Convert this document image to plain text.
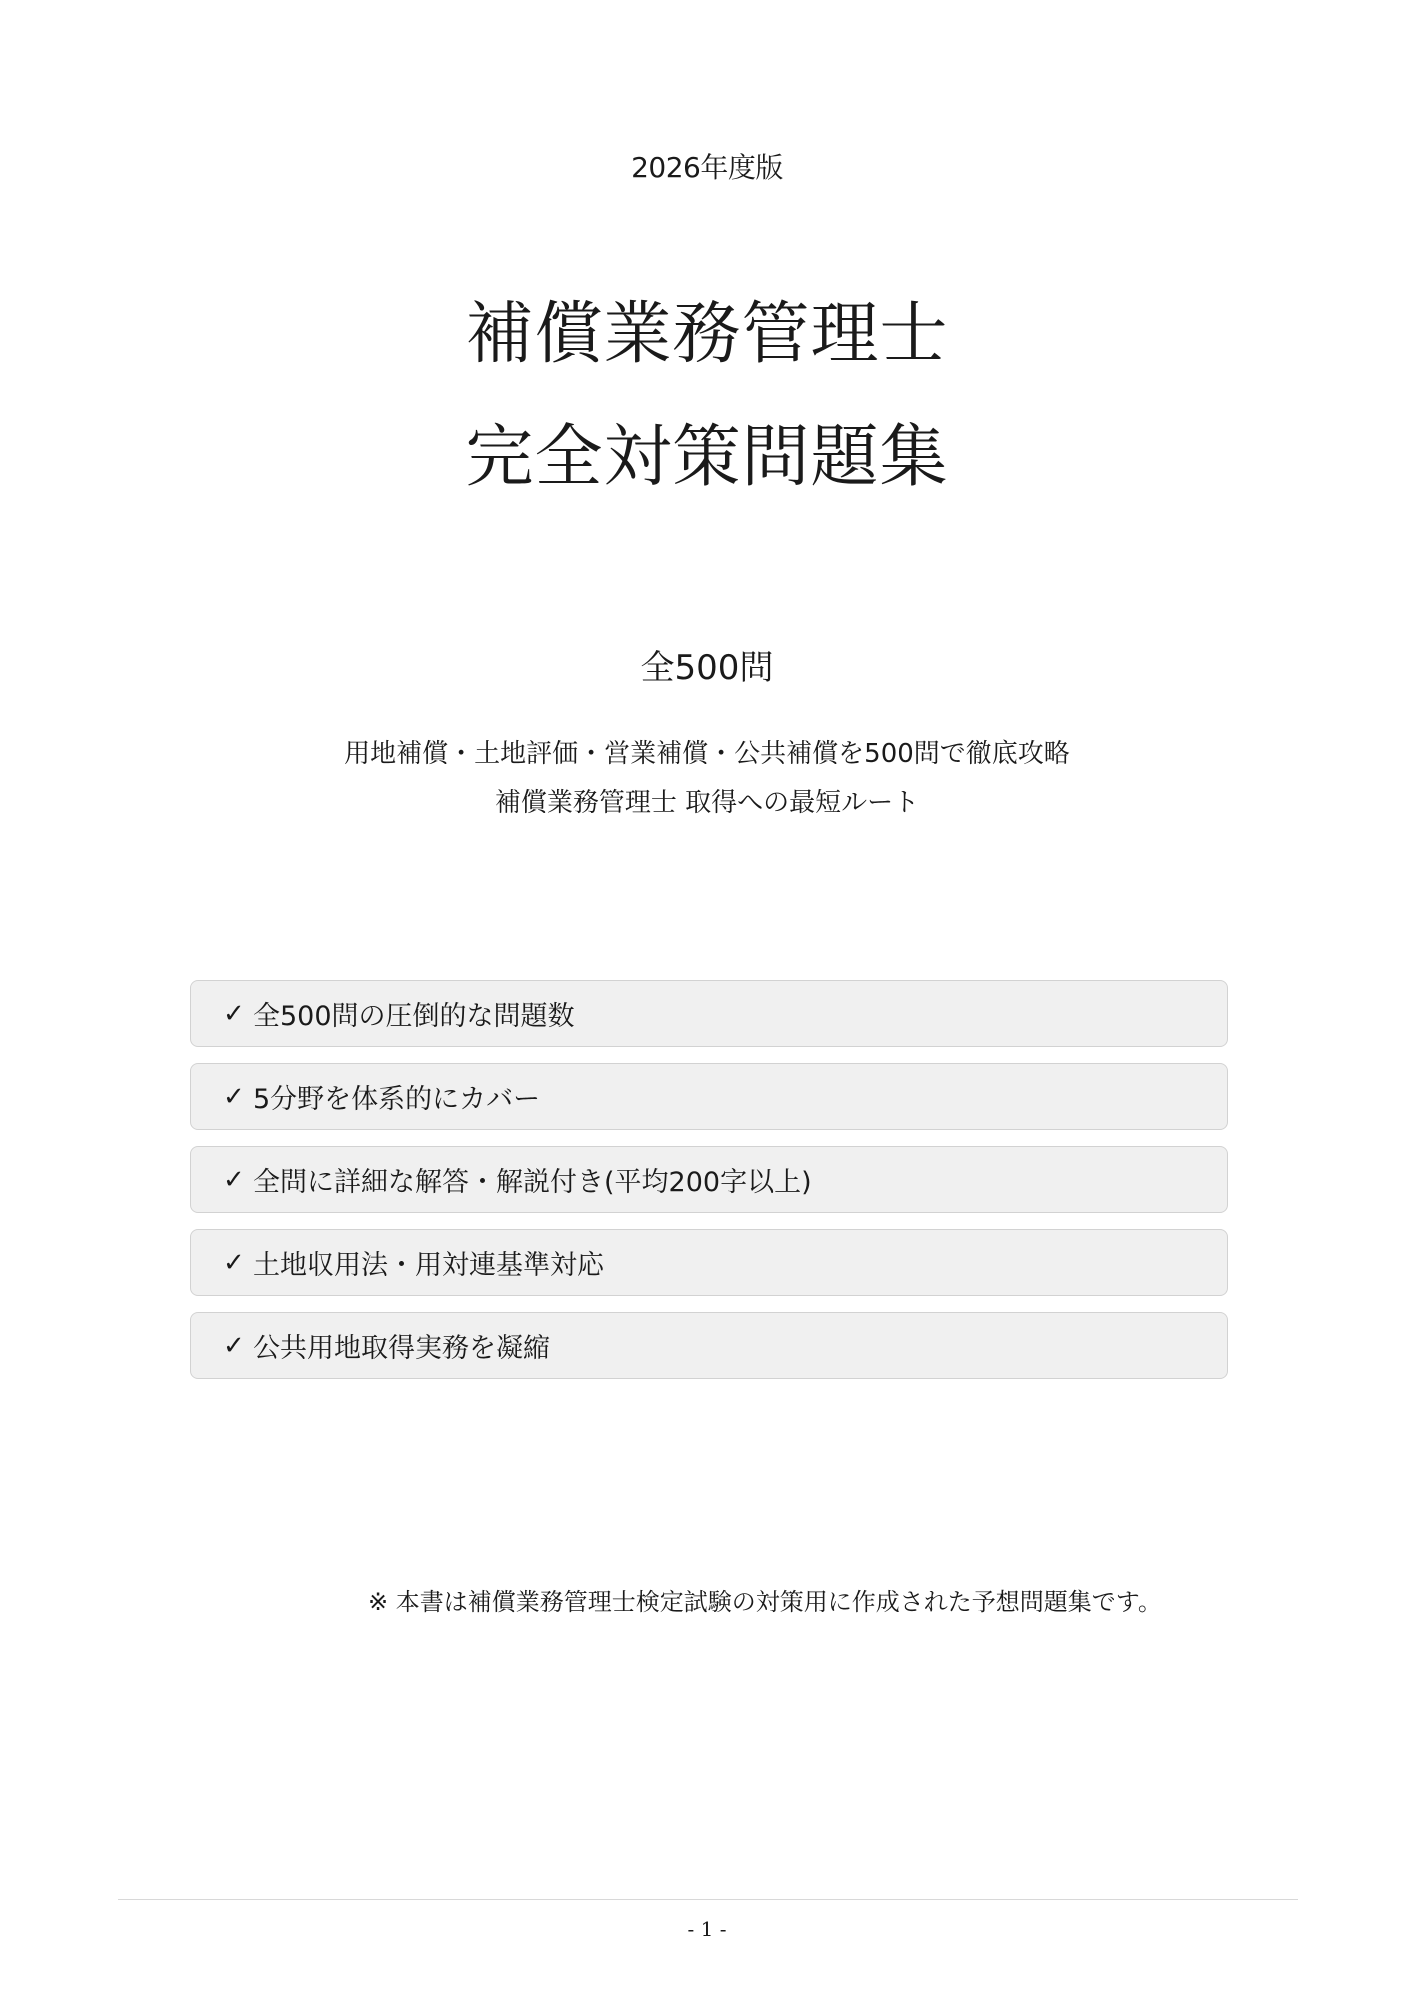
2026年度版
補償業務管理士
完全対策問題集
全500問
用地補償・土地評価・営業補償・公共補償を500問で徹底攻略
補償業務管理士 取得への最短ルート
✓ 全500問の圧倒的な問題数
✓ 5分野を体系的にカバー
✓ 全問に詳細な解答・解説付き(平均200字以上)
✓ 土地収用法・用対連基準対応
✓ 公共用地取得実務を凝縮
※ 本書は補償業務管理士検定試験の対策用に作成された予想問題集です。
- 1 -
